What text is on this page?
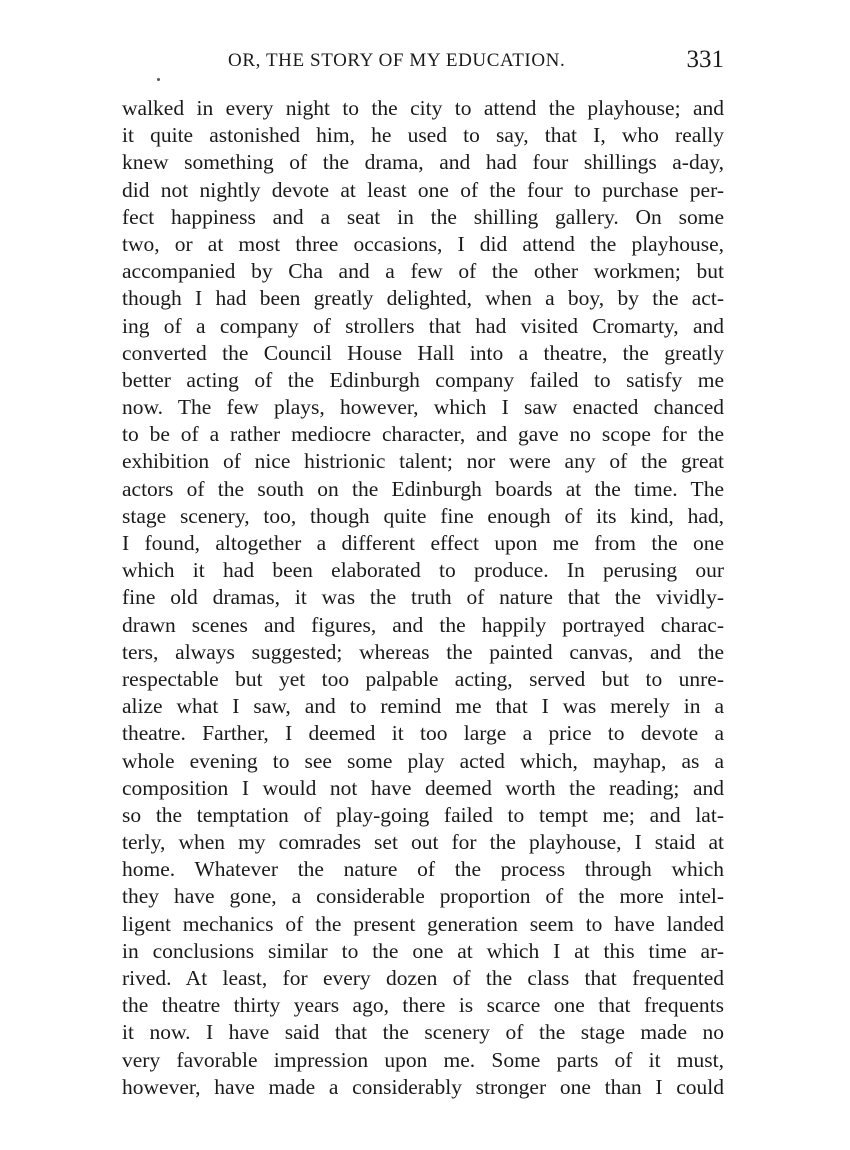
OR, THE STORY OF MY EDUCATION.	331
walked in every night to the city to attend the playhouse; and
it quite astonished him, he used to say, that I, who really
knew something of the drama, and had four shillings a-day,
did not nightly devote at least one of the four to purchase per-
fect happiness and a seat in the shilling gallery. On some
two, or at most three occasions, I did attend the playhouse,
accompanied by Cha and a few of the other workmen; but
though I had been greatly delighted, when a boy, by the act-
ing of a company of strollers that had visited Cromarty, and
converted the Council House Hall into a theatre, the greatly
better acting of the Edinburgh company failed to satisfy me
now. The few plays, however, which I saw enacted chanced
to be of a rather mediocre character, and gave no scope for the
exhibition of nice histrionic talent; nor were any of the great
actors of the south on the Edinburgh boards at the time. The
stage scenery, too, though quite fine enough of its kind, had,
I found, altogether a different effect upon me from the one
which it had been elaborated to produce. In perusing our
fine old dramas, it was the truth of nature that the vividly-
drawn scenes and figures, and the happily portrayed charac-
ters, always suggested; whereas the painted canvas, and the
respectable but yet too palpable acting, served but to unre-
alize what I saw, and to remind me that I was merely in a
theatre. Farther, I deemed it too large a price to devote a
whole evening to see some play acted which, mayhap, as a
composition I would not have deemed worth the reading; and
so the temptation of play-going failed to tempt me; and lat-
terly, when my comrades set out for the playhouse, I staid at
home. Whatever the nature of the process through which
they have gone, a considerable proportion of the more intel-
ligent mechanics of the present generation seem to have landed
in conclusions similar to the one at which I at this time ar-
rived. At least, for every dozen of the class that frequented
the theatre thirty years ago, there is scarce one that frequents
it now. I have said that the scenery of the stage made no
very favorable impression upon me. Some parts of it must,
however, have made a considerably stronger one than I could
